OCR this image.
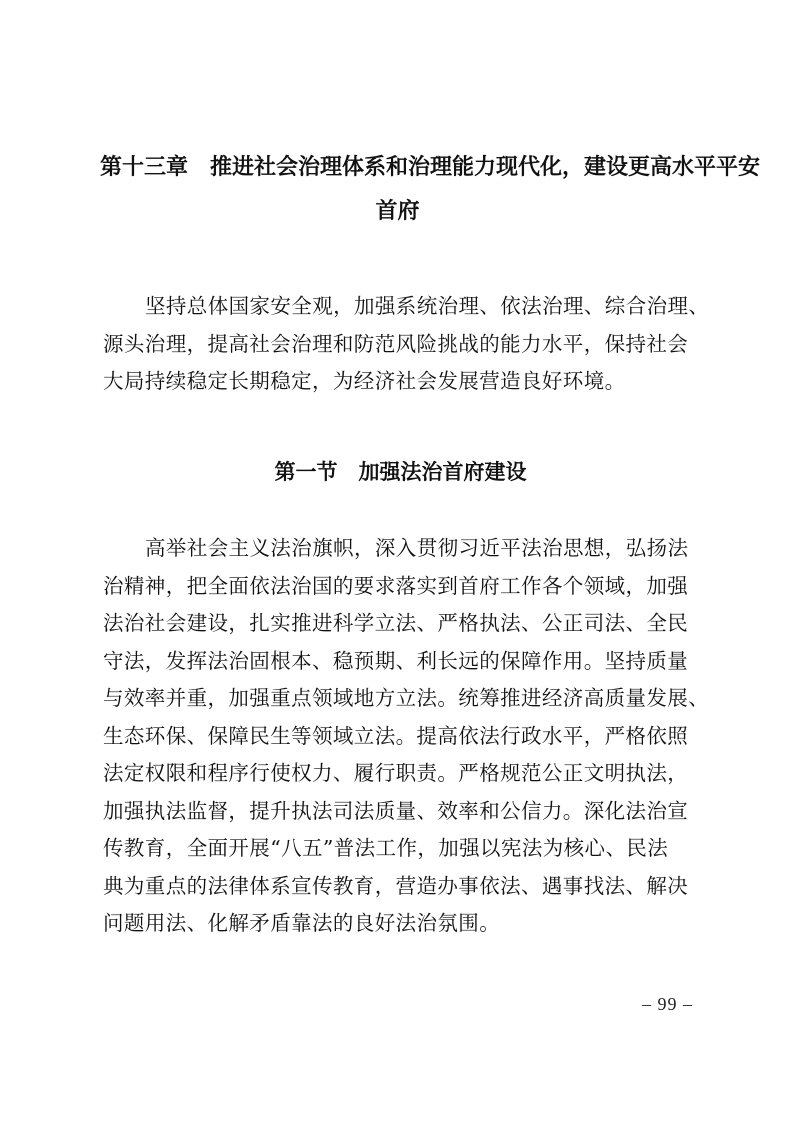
第十三章　推进社会治理体系和治理能力现代化，建设更高水平平安
首府
坚持总体国家安全观，加强系统治理、依法治理、综合治理、
源头治理，提高社会治理和防范风险挑战的能力水平，保持社会
大局持续稳定长期稳定，为经济社会发展营造良好环境。
第一节　加强法治首府建设
高举社会主义法治旗帜，深入贯彻习近平法治思想，弘扬法
治精神，把全面依法治国的要求落实到首府工作各个领域，加强
法治社会建设，扎实推进科学立法、严格执法、公正司法、全民
守法，发挥法治固根本、稳预期、利长远的保障作用。坚持质量
与效率并重，加强重点领域地方立法。统筹推进经济高质量发展、
生态环保、保障民生等领域立法。提高依法行政水平，严格依照
法定权限和程序行使权力、履行职责。严格规范公正文明执法，
加强执法监督，提升执法司法质量、效率和公信力。深化法治宣
传教育，全面开展“八五”普法工作，加强以宪法为核心、民法
典为重点的法律体系宣传教育，营造办事依法、遇事找法、解决
问题用法、化解矛盾靠法的良好法治氛围。
– 99 –
